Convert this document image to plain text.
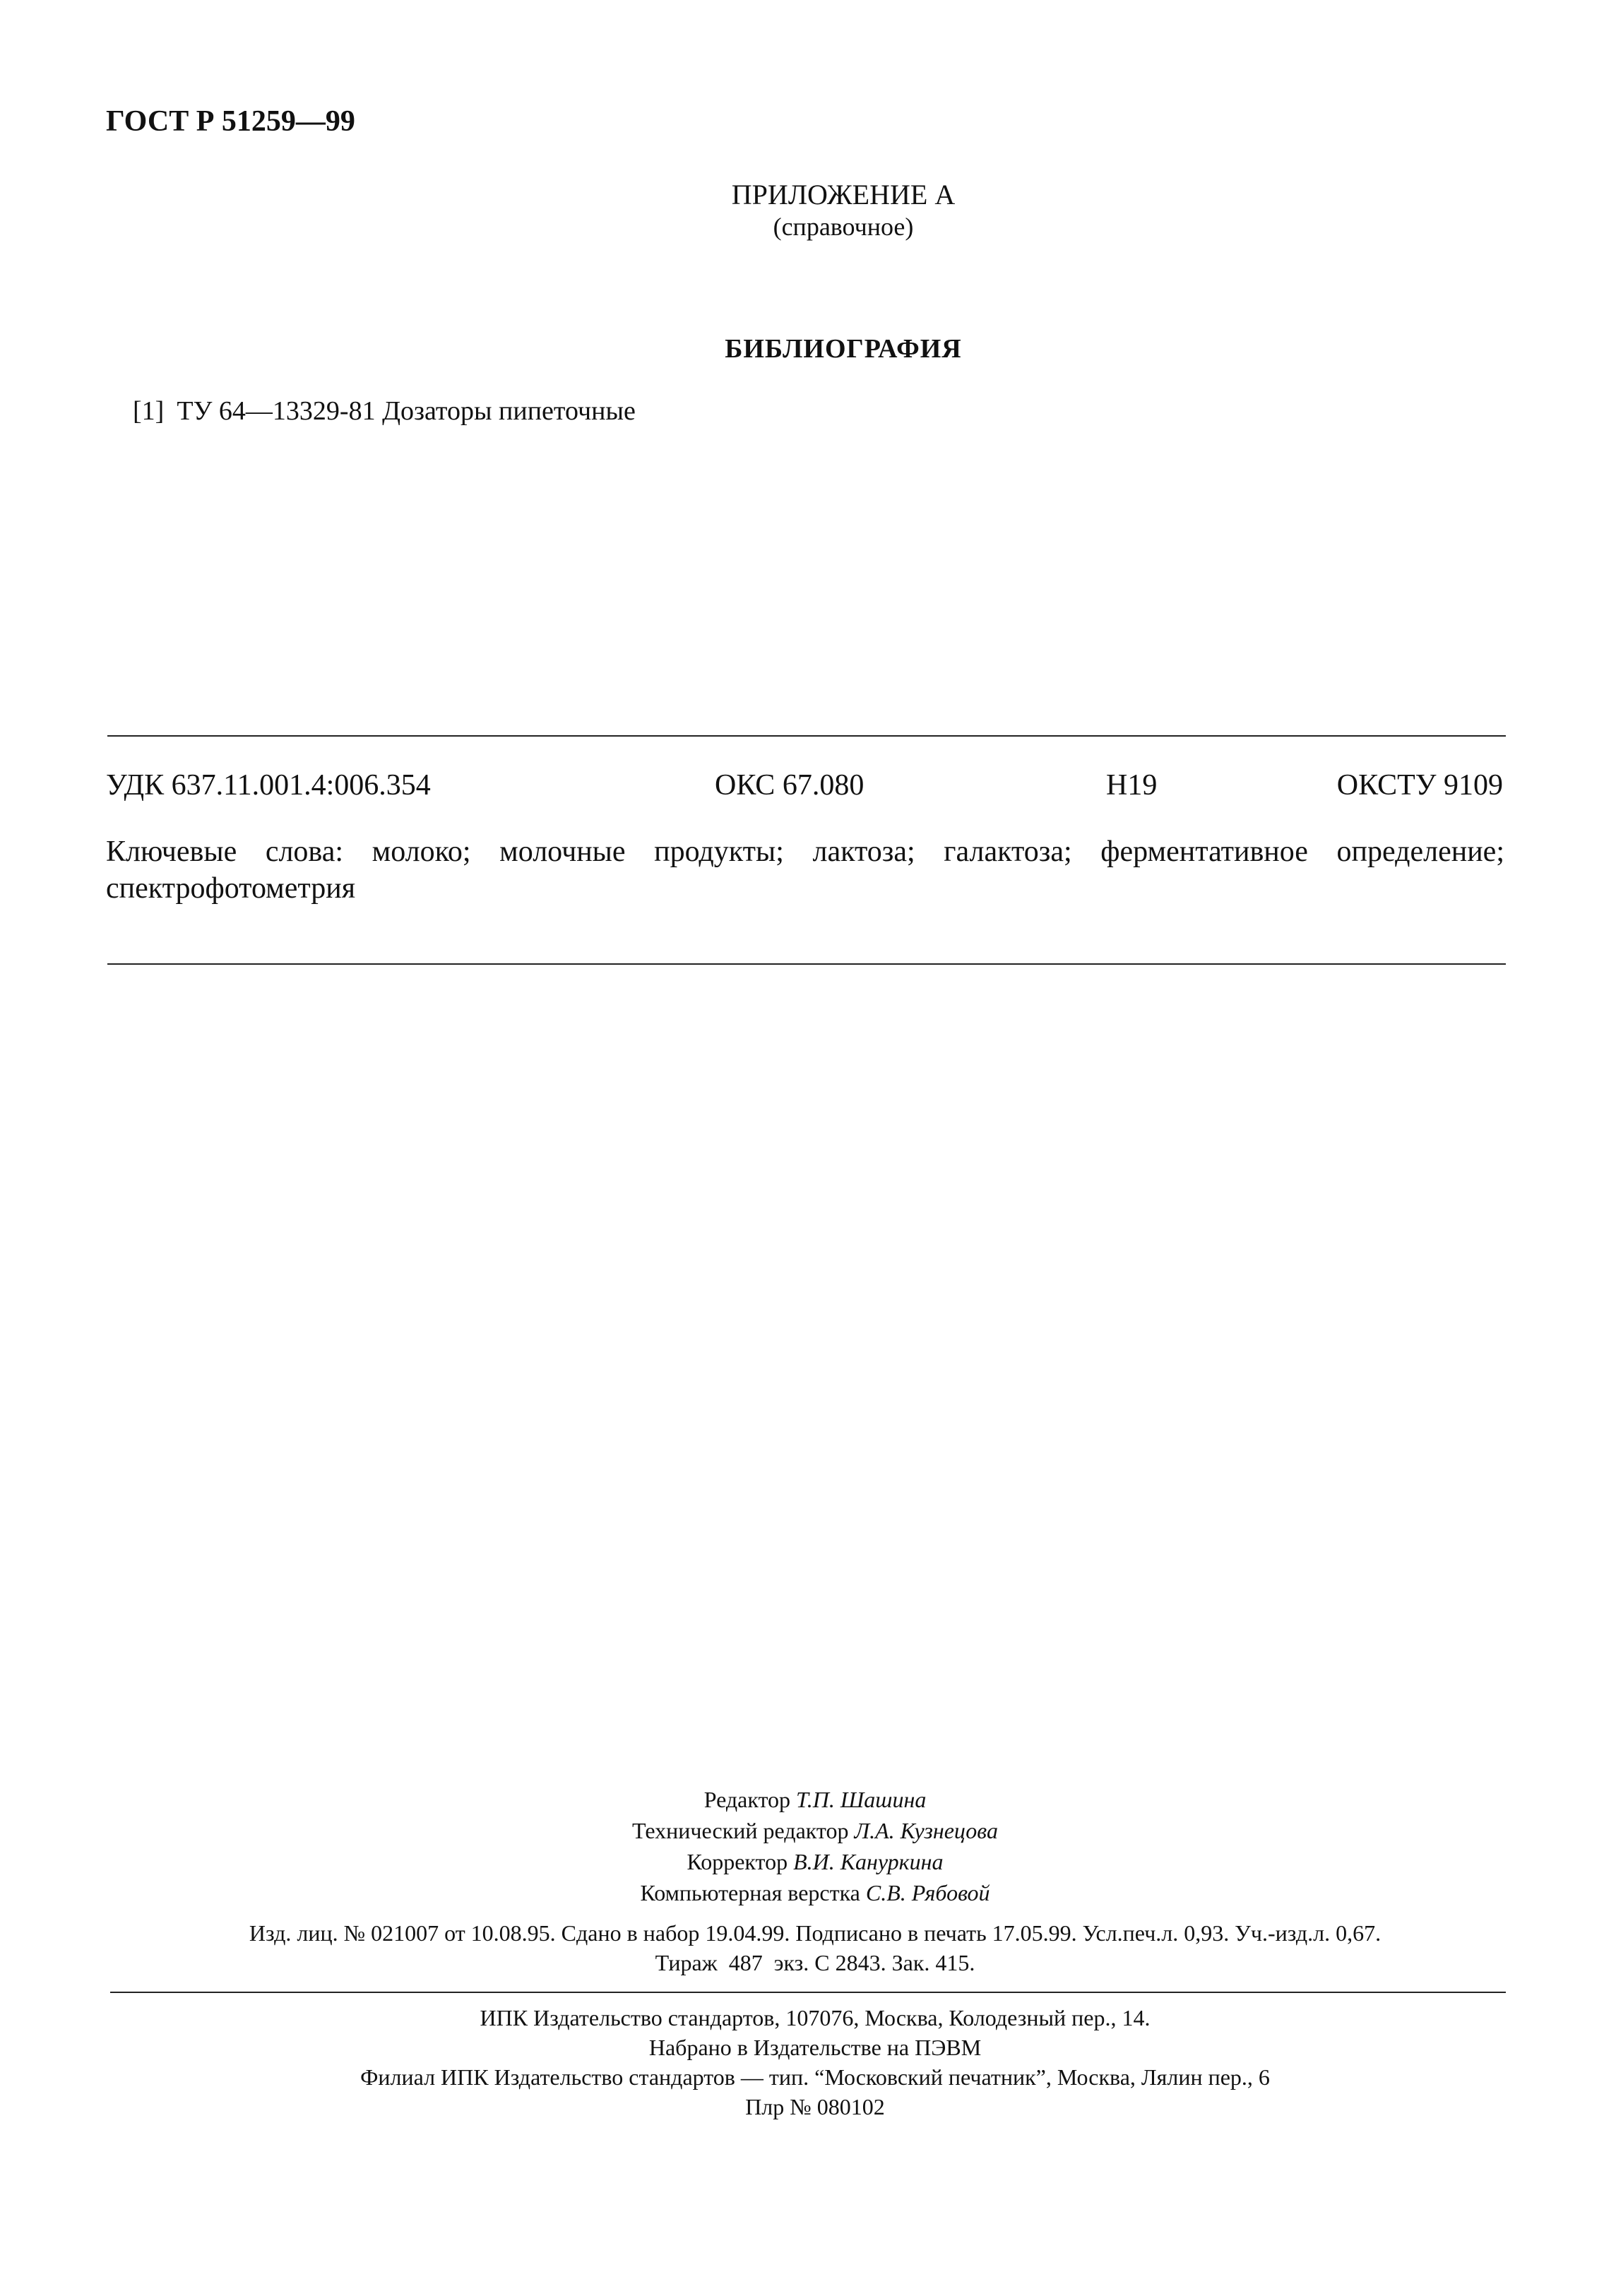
ГОСТ Р 51259—99
ПРИЛОЖЕНИЕ А
(справочное)
БИБЛИОГРАФИЯ
[1] ТУ 64—13329-81 Дозаторы пипеточные
УДК 637.11.001.4:006.354	ОКС 67.080	Н19	ОКСТУ 9109
Ключевые слова: молоко; молочные продукты; лактоза; галактоза; ферментативное определение; спектрофотометрия
Редактор Т.П. Шашина
Технический редактор Л.А. Кузнецова
Корректор В.И. Кануркина
Компьютерная верстка С.В. Рябовой
Изд. лиц. № 021007 от 10.08.95. Сдано в набор 19.04.99. Подписано в печать 17.05.99. Усл.печ.л. 0,93. Уч.-изд.л. 0,67.
Тираж  487  экз. С 2843. Зак. 415.
ИПК Издательство стандартов, 107076, Москва, Колодезный пер., 14.
Набрано в Издательстве на ПЭВМ
Филиал ИПК Издательство стандартов — тип. “Московский печатник”, Москва, Лялин пер., 6
Плр № 080102
